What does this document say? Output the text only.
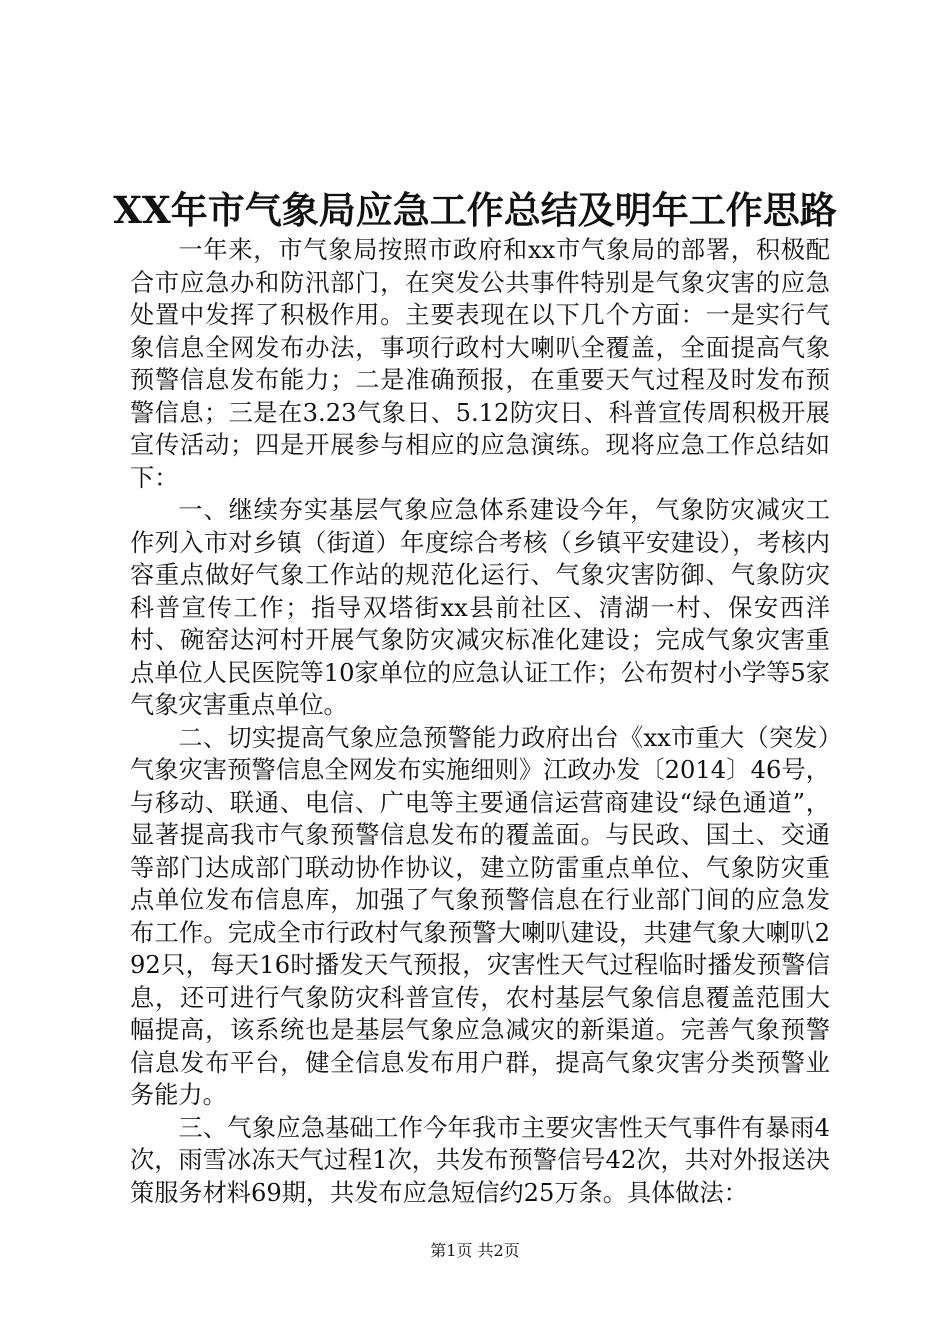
XX年市气象局应急工作总结及明年工作思路

一年来，市气象局按照市政府和xx市气象局的部署，积极配合市应急办和防汛部门，在突发公共事件特别是气象灾害的应急处置中发挥了积极作用。主要表现在以下几个方面：一是实行气象信息全网发布办法，事项行政村大喇叭全覆盖，全面提高气象预警信息发布能力；二是准确预报，在重要天气过程及时发布预警信息；三是在3.23气象日、5.12防灾日、科普宣传周积极开展宣传活动；四是开展参与相应的应急演练。现将应急工作总结如下：

一、继续夯实基层气象应急体系建设今年，气象防灾减灾工作列入市对乡镇（街道）年度综合考核（乡镇平安建设），考核内容重点做好气象工作站的规范化运行、气象灾害防御、气象防灾科普宣传工作；指导双塔街xx县前社区、清湖一村、保安西洋村、碗窑达河村开展气象防灾减灾标准化建设；完成气象灾害重点单位人民医院等10家单位的应急认证工作；公布贺村小学等5家气象灾害重点单位。

二、切实提高气象应急预警能力政府出台《xx市重大（突发）气象灾害预警信息全网发布实施细则》江政办发〔2014〕46号，与移动、联通、电信、广电等主要通信运营商建设“绿色通道”，显著提高我市气象预警信息发布的覆盖面。与民政、国土、交通等部门达成部门联动协作协议，建立防雷重点单位、气象防灾重点单位发布信息库，加强了气象预警信息在行业部门间的应急发布工作。完成全市行政村气象预警大喇叭建设，共建气象大喇叭292只，每天16时播发天气预报，灾害性天气过程临时播发预警信息，还可进行气象防灾科普宣传，农村基层气象信息覆盖范围大幅提高，该系统也是基层气象应急减灾的新渠道。完善气象预警信息发布平台，健全信息发布用户群，提高气象灾害分类预警业务能力。

三、气象应急基础工作今年我市主要灾害性天气事件有暴雨4次，雨雪冰冻天气过程1次，共发布预警信号42次，共对外报送决策服务材料69期，共发布应急短信约25万条。具体做法：

第1页 共2页
